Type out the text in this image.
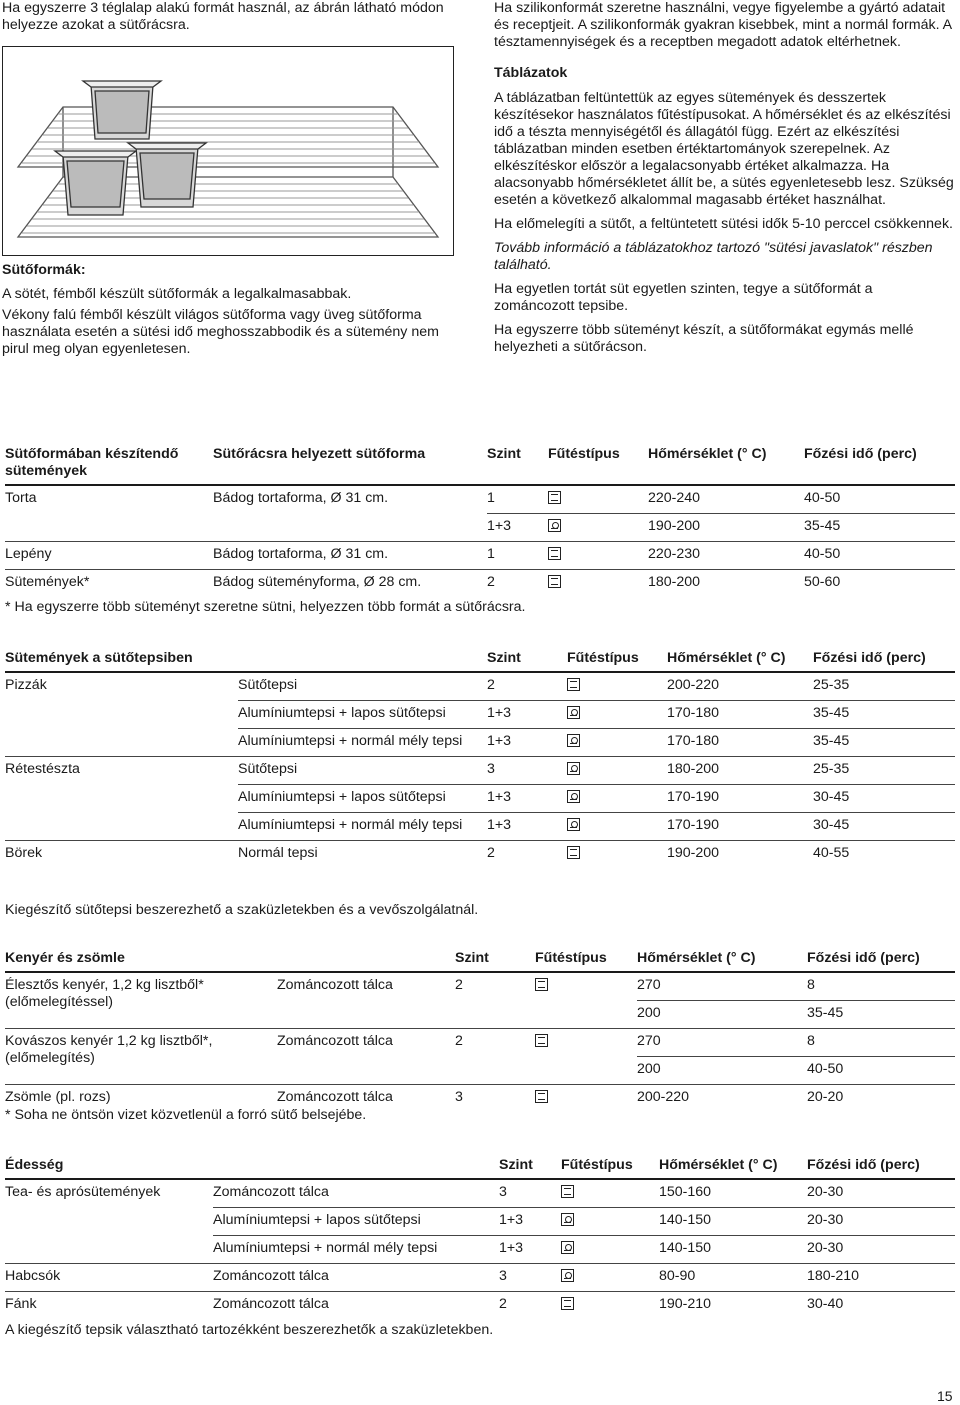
Ha egyszerre 3 téglalap alakú formát használ, az ábrán látható módon helyezze azokat a sütőrácsra.

Sütőformák:

A sötét, fémből készült sütőformák a legalkalmasabbak.

Vékony falú fémből készült világos sütőforma vagy üveg sütőforma használata esetén a sütési idő meghosszabbodik és a sütemény nem pirul meg olyan egyenletesen.

Ha szilikonformát szeretne használni, vegye figyelembe a gyártó adatait és receptjeit. A szilikonformák gyakran kisebbek, mint a normál formák. A tésztamennyiségek és a receptben megadott adatok eltérhetnek.

Táblázatok

A táblázatban feltüntettük az egyes sütemények és desszertek készítésekor használatos fűtéstípusokat. A hőmérséklet és az elkészítési idő a tészta mennyiségétől és állagától függ. Ezért az elkészítési táblázatban minden esetben értéktartományok szerepelnek. Az elkészítéskor először a legalacsonyabb értéket alkalmazza. Ha alacsonyabb hőmérsékletet állít be, a sütés egyenletesebb lesz. Szükség esetén a következő alkalommal magasabb értéket használhat.

Ha előmelegíti a sütőt, a feltüntetett sütési idők 5-10 perccel csökkennek.

Tovább információ a táblázatokhoz tartozó "sütési javaslatok" részben található.

Ha egyetlen tortát süt egyetlen szinten, tegye a sütőformát a zománcozott tepsibe.

Ha egyszerre több süteményt készít, a sütőformákat egymás mellé helyezheti a sütőrácson.

Sütőformában készítendő sütemények	Sütőrácsra helyezett sütőforma	Szint	Fűtéstípus	Hőmérséklet (° C)	Főzési idő (perc)
Torta	Bádog tortaforma, Ø 31 cm.	1		220-240	40-50
		1+3		190-200	35-45
Lepény	Bádog tortaforma, Ø 31 cm.	1		220-230	40-50
Sütemények*	Bádog süteményforma, Ø 28 cm.	2		180-200	50-60

* Ha egyszerre több süteményt szeretne sütni, helyezzen több formát a sütőrácsra.

Sütemények a sütőtepsiben		Szint	Fűtéstípus	Hőmérséklet (° C)	Főzési idő (perc)
Pizzák	Sütőtepsi	2		200-220	25-35
	Alumíniumtepsi + lapos sütőtepsi	1+3		170-180	35-45
	Alumíniumtepsi + normál mély tepsi	1+3		170-180	35-45
Rétestészta	Sütőtepsi	3		180-200	25-35
	Alumíniumtepsi + lapos sütőtepsi	1+3		170-190	30-45
	Alumíniumtepsi + normál mély tepsi	1+3		170-190	30-45
Börek	Normál tepsi	2		190-200	40-55

Kiegészítő sütőtepsi beszerezhető a szaküzletekben és a vevőszolgálatnál.

Kenyér és zsömle		Szint	Fűtéstípus	Hőmérséklet (° C)	Főzési idő (perc)
Élesztős kenyér, 1,2 kg lisztből* (előmelegítéssel)	Zománcozott tálca	2		270	8
				200	35-45
Kovászos kenyér 1,2 kg lisztből*, (előmelegítés)	Zománcozott tálca	2		270	8
				200	40-50
Zsömle (pl. rozs)	Zománcozott tálca	3		200-220	20-20

* Soha ne öntsön vizet közvetlenül a forró sütő belsejébe.

Édesség		Szint	Fűtéstípus	Hőmérséklet (° C)	Főzési idő (perc)
Tea- és aprósütemények	Zománcozott tálca	3		150-160	20-30
	Alumíniumtepsi + lapos sütőtepsi	1+3		140-150	20-30
	Alumíniumtepsi + normál mély tepsi	1+3		140-150	20-30
Habcsók	Zománcozott tálca	3		80-90	180-210
Fánk	Zománcozott tálca	2		190-210	30-40

A kiegészítő tepsik választható tartozékként beszerezhetők a szaküzletekben.

15
